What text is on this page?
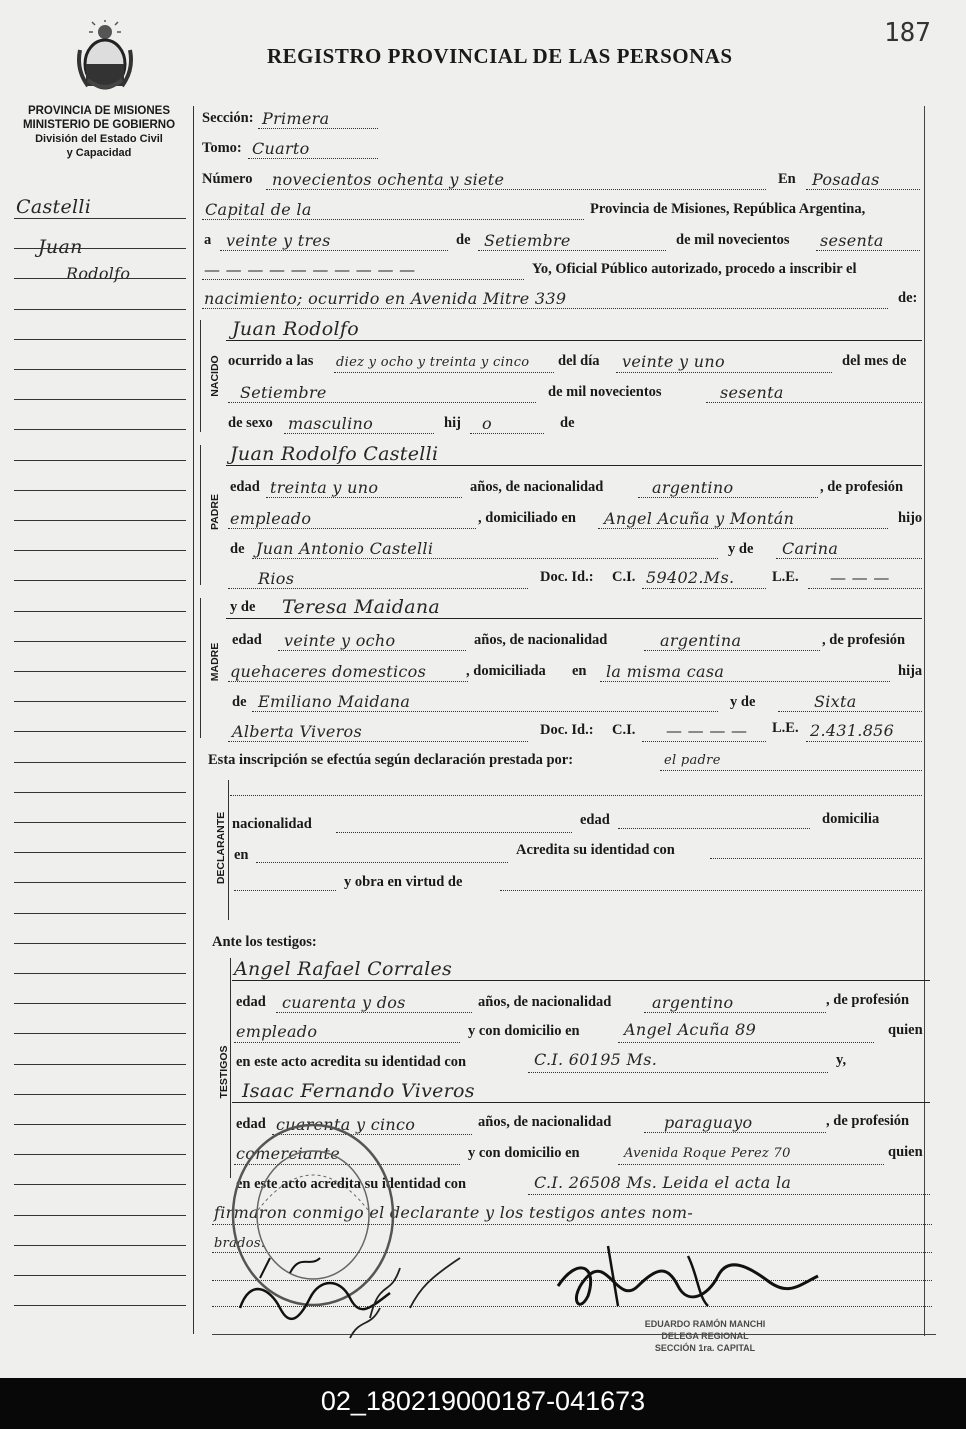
REGISTRO PROVINCIAL DE LAS PERSONAS
187
PROVINCIA DE MISIONES
MINISTERIO DE GOBIERNO
División del Estado Civil
y Capacidad
Castelli
Juan
Rodolfo
Sección: Primera
Tomo: Cuarto
Número novecientos ochenta y siete	En Posadas
Capital de la	Provincia de Misiones, República Argentina,
a veinte y tres	de Setiembre	de mil novecientos sesenta
— — — — — — — — — —	Yo, Oficial Público autorizado, procedo a inscribir el
nacimiento; ocurrido en Avenida Mitre 339	de:
NACIDO
Juan Rodolfo
ocurrido a las diez y ocho y treinta y cinco del día veinte y uno	del mes de
Setiembre	de mil novecientos	sesenta
de sexo masculino	hij o	de
PADRE
Juan Rodolfo Castelli
edad treinta y uno	años, de nacionalidad	argentino	, de profesión
empleado	, domiciliado en Angel Acuña y Montán	hijo
de Juan Antonio Castelli	y de Carina
Rios	Doc. Id.: C.I. 59402.Ms.	L.E. — — —
MADRE
y de Teresa Maidana
edad veinte y ocho	años, de nacionalidad	argentina	, de profesión
quehaceres domesticos	, domiciliada en la misma casa	hija
de Emiliano Maidana	y de	Sixta
Alberta Viveros	Doc. Id.: C.I. — — — — L.E. 2.431.856
Esta inscripción se efectúa según declaración prestada por:	el padre
DECLARANTE nacionalidad	edad	domicilia
en	Acredita su identidad con
y obra en virtud de
Ante los testigos:
TESTIGOS
Angel Rafael Corrales
edad cuarenta y dos	años, de nacionalidad	argentino	, de profesión
empleado	y con domicilio en	Angel Acuña 89	quien
en este acto acredita su identidad con	C.I. 60195 Ms.	y,
Isaac Fernando Viveros
edad cuarenta y cinco	años, de nacionalidad	paraguayo	, de profesión
comerciante	y con domicilio en	Avenida Roque Perez 70	quien
en este acto acredita su identidad con	C.I. 26508 Ms. Leida el acta la
firmaron conmigo el declarante y los testigos antes nom-
brados.
EDUARDO RAMÓN MANCHI
DELEGA REGIONAL
SECCIÓN 1ra. CAPITAL
02_180219000187-041673
